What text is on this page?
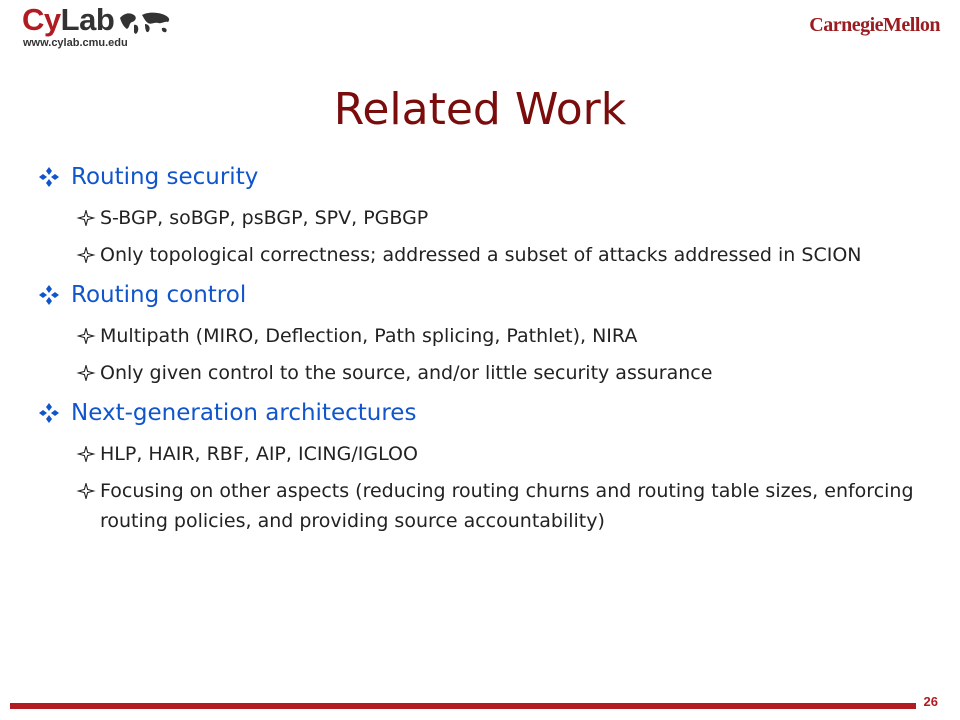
CyLab
www.cylab.cmu.edu
CarnegieMellon
Related Work
Routing security
S-BGP, soBGP, psBGP, SPV, PGBGP
Only topological correctness; addressed a subset of attacks addressed in SCION
Routing control
Multipath (MIRO, Deflection, Path splicing, Pathlet), NIRA
Only given control to the source, and/or little security assurance
Next-generation architectures
HLP, HAIR, RBF, AIP, ICING/IGLOO
Focusing on other aspects (reducing routing churns and routing table sizes, enforcing routing policies, and providing source accountability)
26
